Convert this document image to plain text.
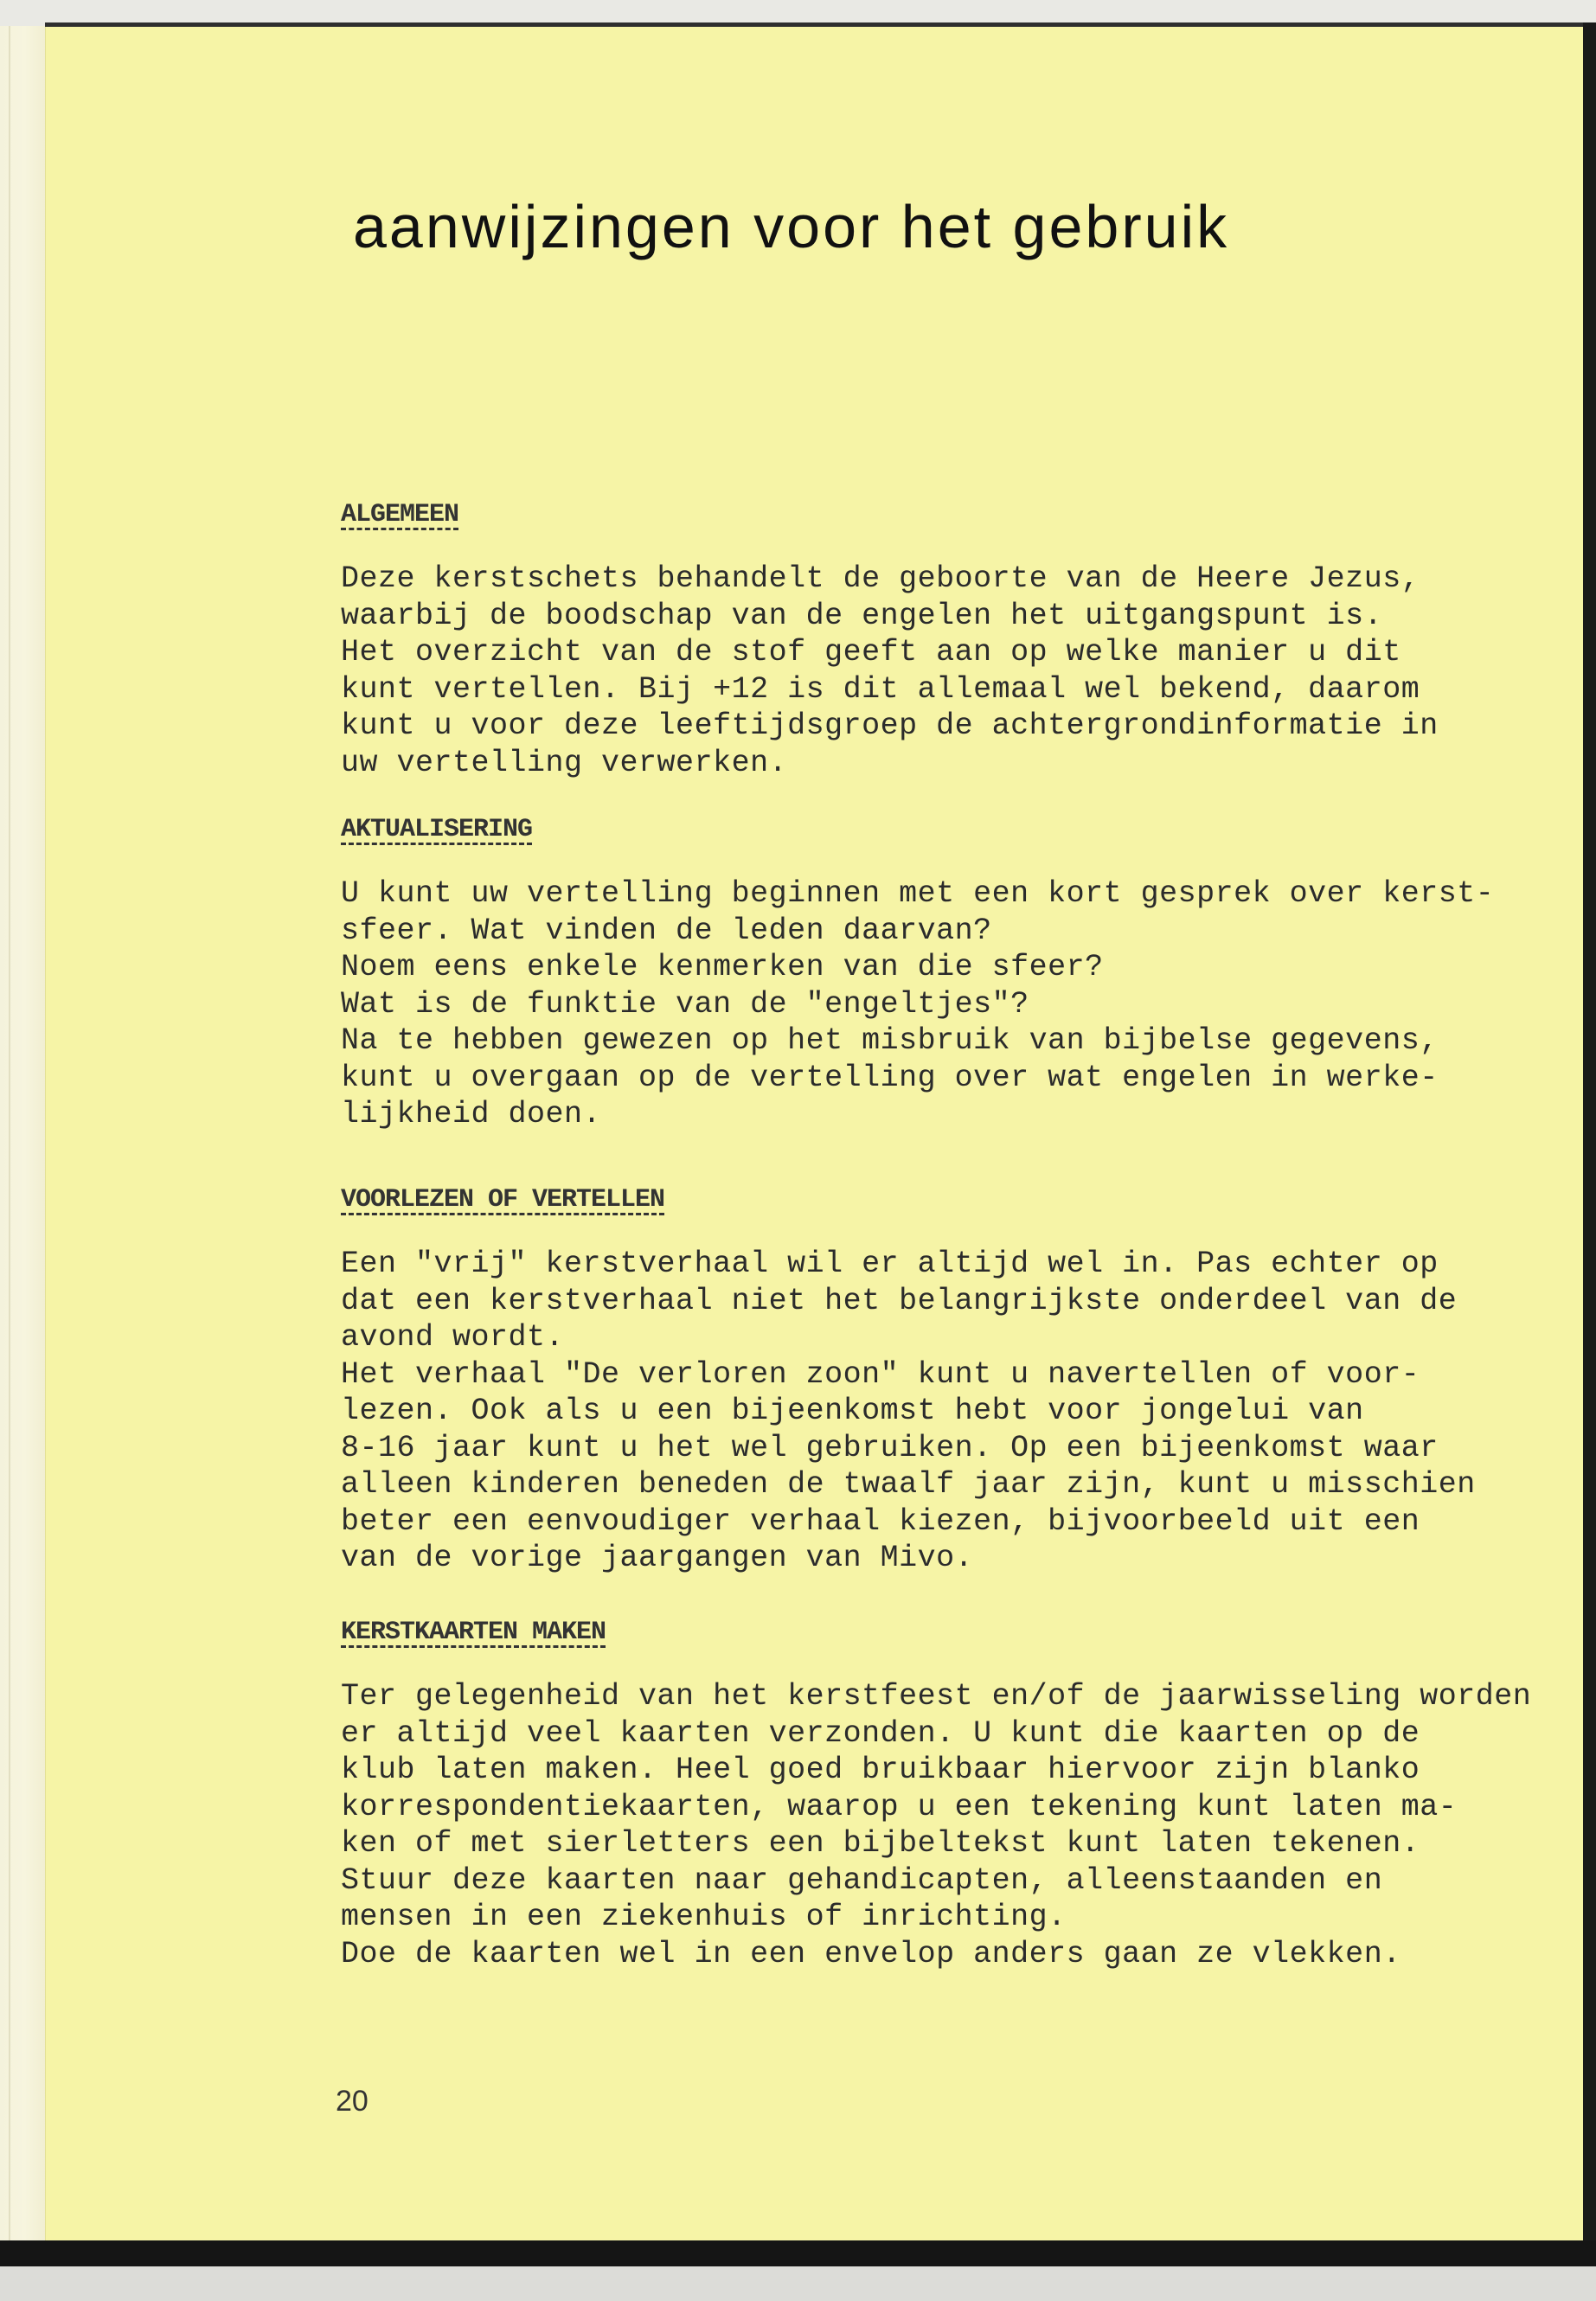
aanwijzingen voor het gebruik
ALGEMEEN

Deze kerstschets behandelt de geboorte van de Heere Jezus,
waarbij de boodschap van de engelen het uitgangspunt is.
Het overzicht van de stof geeft aan op welke manier u dit
kunt vertellen. Bij +12 is dit allemaal wel bekend, daarom
kunt u voor deze leeftijdsgroep de achtergrondinformatie in
uw vertelling verwerken.

AKTUALISERING

U kunt uw vertelling beginnen met een kort gesprek over kerst-
sfeer. Wat vinden de leden daarvan?
Noem eens enkele kenmerken van die sfeer?
Wat is de funktie van de "engeltjes"?
Na te hebben gewezen op het misbruik van bijbelse gegevens,
kunt u overgaan op de vertelling over wat engelen in werke-
lijkheid doen.

VOORLEZEN OF VERTELLEN

Een "vrij" kerstverhaal wil er altijd wel in. Pas echter op
dat een kerstverhaal niet het belangrijkste onderdeel van de
avond wordt.
Het verhaal "De verloren zoon" kunt u navertellen of voor-
lezen. Ook als u een bijeenkomst hebt voor jongelui van
8-16 jaar kunt u het wel gebruiken. Op een bijeenkomst waar
alleen kinderen beneden de twaalf jaar zijn, kunt u misschien
beter een eenvoudiger verhaal kiezen, bijvoorbeeld uit een
van de vorige jaargangen van Mivo.

KERSTKAARTEN MAKEN

Ter gelegenheid van het kerstfeest en/of de jaarwisseling worden
er altijd veel kaarten verzonden. U kunt die kaarten op de
klub laten maken. Heel goed bruikbaar hiervoor zijn blanko
korrespondentiekaarten, waarop u een tekening kunt laten ma-
ken of met sierletters een bijbeltekst kunt laten tekenen.
Stuur deze kaarten naar gehandicapten, alleenstaanden en
mensen in een ziekenhuis of inrichting.
Doe de kaarten wel in een envelop anders gaan ze vlekken.

20
